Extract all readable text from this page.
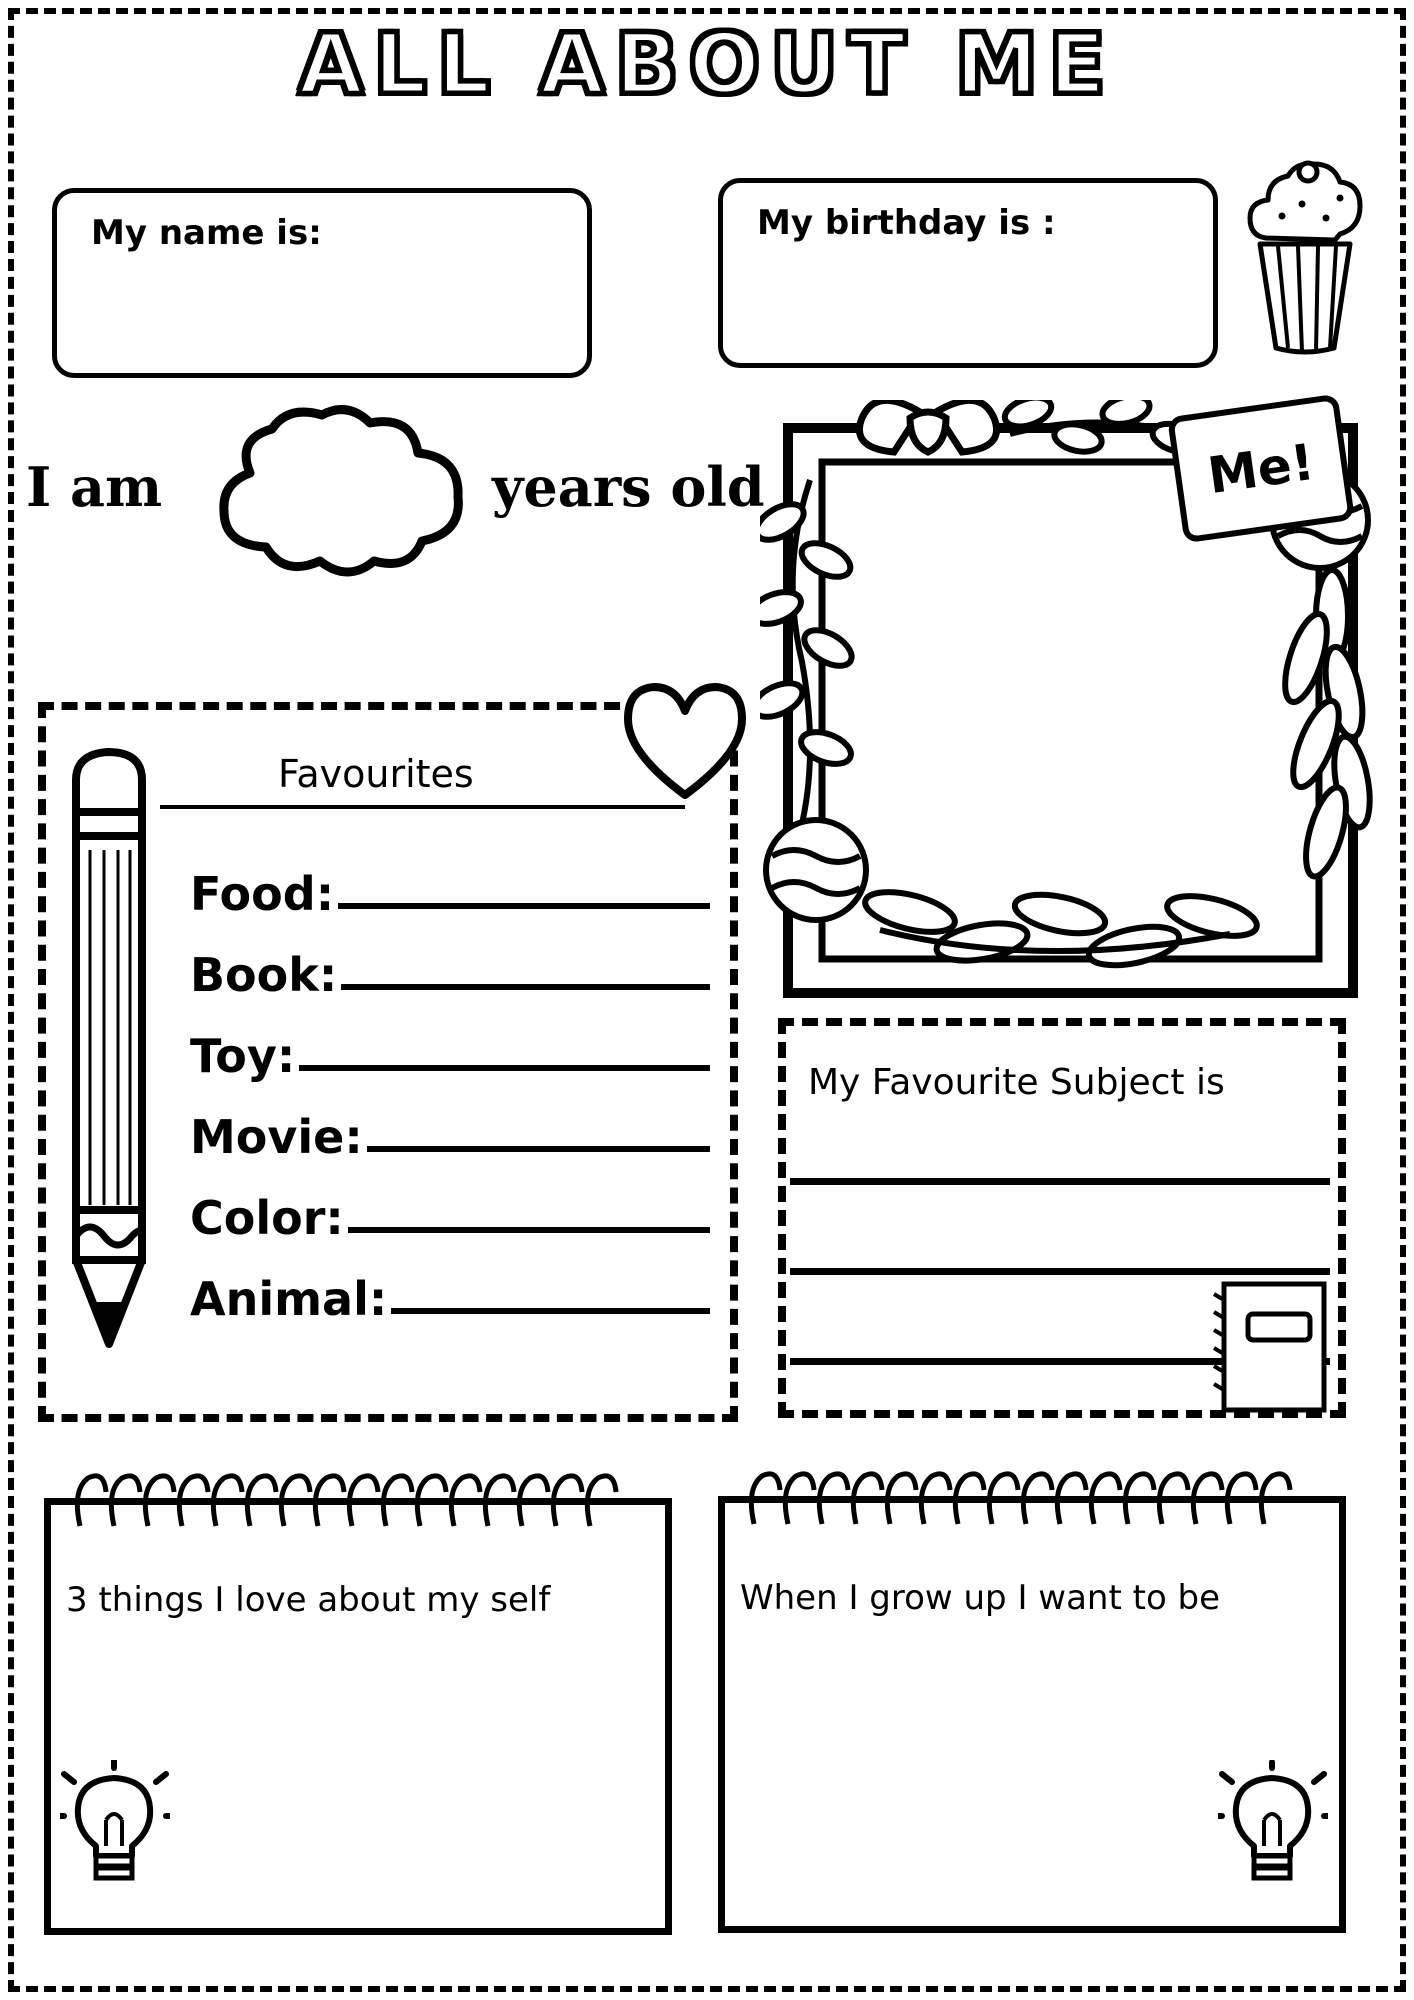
ALL ABOUT ME
My name is:	My birthday is :
I am	years old
Favourites
Food:
Book:
Toy:
Movie:
Color:
Animal:
Me!
My Favourite Subject is
3 things I love about my self	When I grow up I want to be
